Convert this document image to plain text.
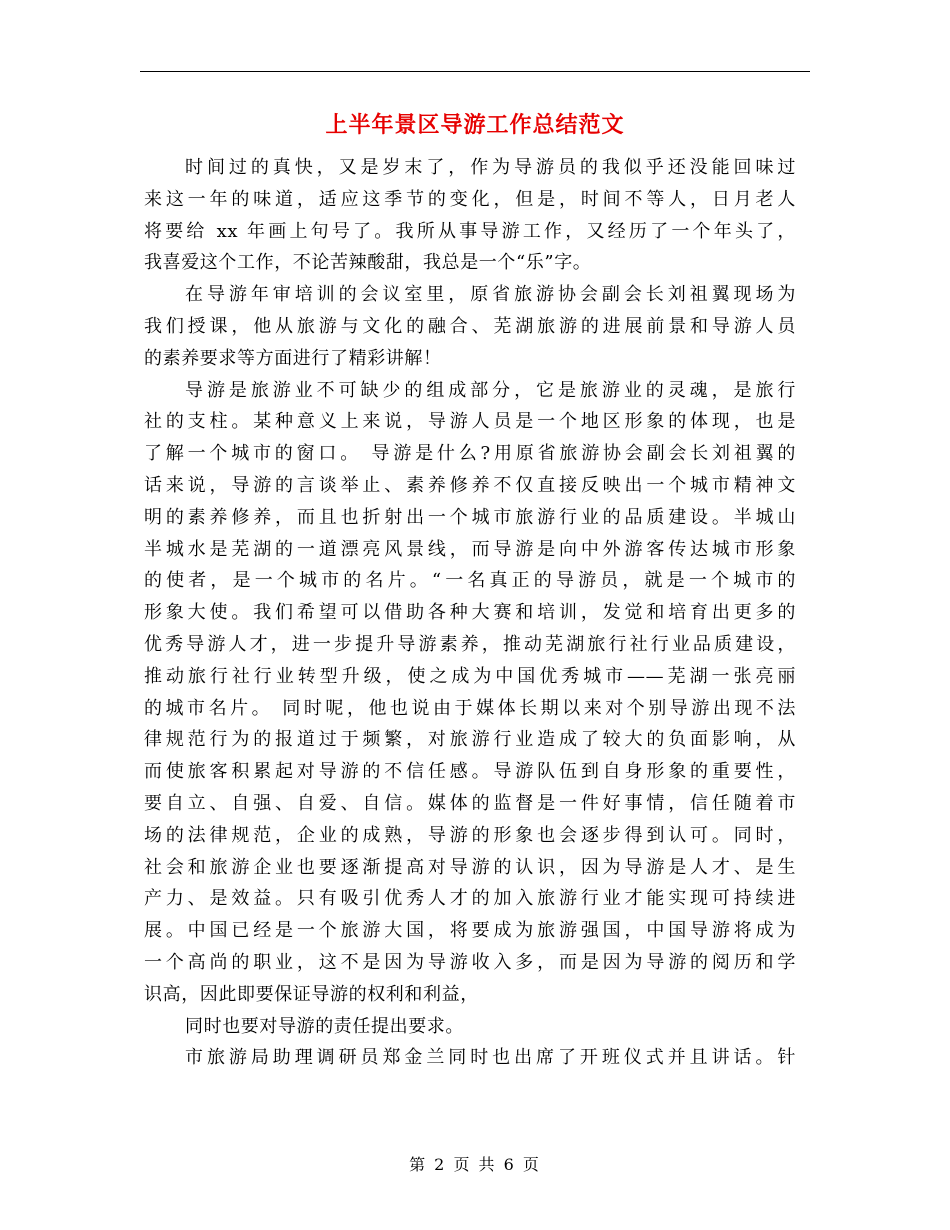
上半年景区导游工作总结范文
时间过的真快，又是岁末了，作为导游员的我似乎还没能回味过
来这一年的味道，适应这季节的变化，但是，时间不等人，日月老人
将要给 xx 年画上句号了。我所从事导游工作，又经历了一个年头了，
我喜爱这个工作，不论苦辣酸甜，我总是一个“乐”字。
在导游年审培训的会议室里，原省旅游协会副会长刘祖翼现场为
我们授课，他从旅游与文化的融合、芜湖旅游的进展前景和导游人员
的素养要求等方面进行了精彩讲解！
导游是旅游业不可缺少的组成部分，它是旅游业的灵魂，是旅行
社的支柱。某种意义上来说，导游人员是一个地区形象的体现，也是
了解一个城市的窗口。 导游是什么?用原省旅游协会副会长刘祖翼的
话来说，导游的言谈举止、素养修养不仅直接反映出一个城市精神文
明的素养修养，而且也折射出一个城市旅游行业的品质建设。半城山
半城水是芜湖的一道漂亮风景线，而导游是向中外游客传达城市形象
的使者，是一个城市的名片。“一名真正的导游员，就是一个城市的
形象大使。我们希望可以借助各种大赛和培训，发觉和培育出更多的
优秀导游人才，进一步提升导游素养，推动芜湖旅行社行业品质建设，
推动旅行社行业转型升级，使之成为中国优秀城市——芜湖一张亮丽
的城市名片。 同时呢，他也说由于媒体长期以来对个别导游出现不法
律规范行为的报道过于频繁，对旅游行业造成了较大的负面影响，从
而使旅客积累起对导游的不信任感。导游队伍到自身形象的重要性，
要自立、自强、自爱、自信。媒体的监督是一件好事情，信任随着市
场的法律规范，企业的成熟，导游的形象也会逐步得到认可。同时，
社会和旅游企业也要逐渐提高对导游的认识，因为导游是人才、是生
产力、是效益。只有吸引优秀人才的加入旅游行业才能实现可持续进
展。中国已经是一个旅游大国，将要成为旅游强国，中国导游将成为
一个高尚的职业，这不是因为导游收入多，而是因为导游的阅历和学
识高，因此即要保证导游的权利和利益，
同时也要对导游的责任提出要求。
市旅游局助理调研员郑金兰同时也出席了开班仪式并且讲话。针
第 2 页 共 6 页
